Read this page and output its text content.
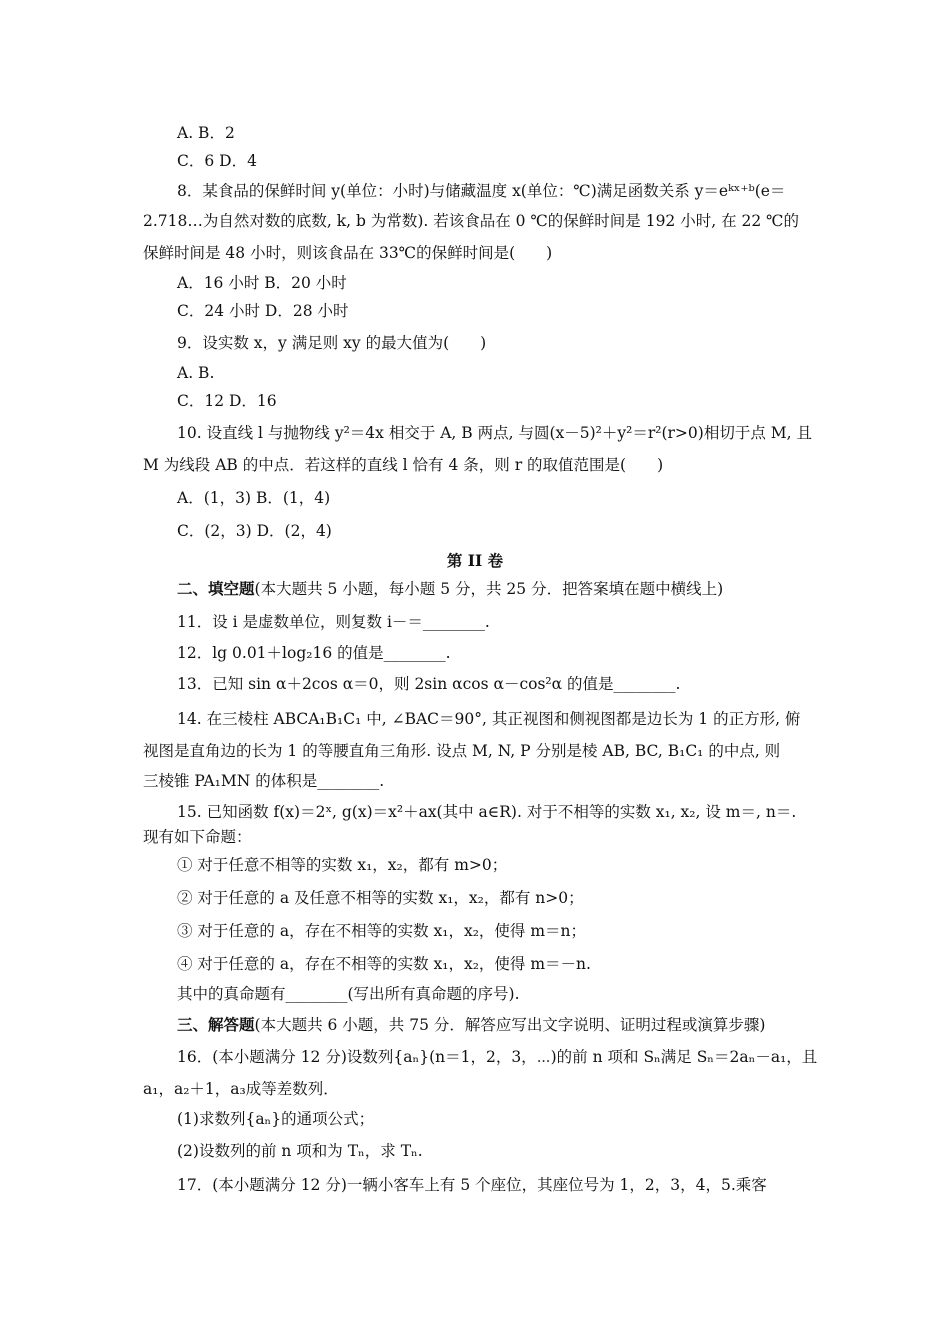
A. B．2
C．6 D．4
8．某食品的保鲜时间 y(单位：小时)与储藏温度 x(单位：℃)满足函数关系 y＝eᵏˣ⁺ᵇ(e＝
2.718…为自然对数的底数, k, b 为常数). 若该食品在 0 ℃的保鲜时间是 192 小时, 在 22 ℃的
保鲜时间是 48 小时，则该食品在 33℃的保鲜时间是(　　)
A．16 小时 B．20 小时
C．24 小时 D．28 小时
9．设实数 x，y 满足则 xy 的最大值为(　　)
A. B.
C．12 D．16
10. 设直线 l 与抛物线 y²＝4x 相交于 A, B 两点, 与圆(x－5)²＋y²＝r²(r>0)相切于点 M, 且
M 为线段 AB 的中点．若这样的直线 l 恰有 4 条，则 r 的取值范围是(　　)
A．(1，3) B．(1，4)
C．(2，3) D．(2，4)
第 II 卷
二、填空题(本大题共 5 小题，每小题 5 分，共 25 分．把答案填在题中横线上)
11．设 i 是虚数单位，则复数 i－＝________.
12．lg 0.01＋log₂16 的值是________.
13．已知 sin α＋2cos α＝0，则 2sin αcos α－cos²α 的值是________.
14. 在三棱柱 ABCA₁B₁C₁ 中, ∠BAC＝90°, 其正视图和侧视图都是边长为 1 的正方形, 俯
视图是直角边的长为 1 的等腰直角三角形. 设点 M, N, P 分别是棱 AB, BC, B₁C₁ 的中点, 则
三棱锥 PA₁MN 的体积是________.
15. 已知函数 f(x)＝2ˣ, g(x)＝x²＋ax(其中 a∈R). 对于不相等的实数 x₁, x₂, 设 m＝, n＝.
现有如下命题：
① 对于任意不相等的实数 x₁，x₂，都有 m>0；
② 对于任意的 a 及任意不相等的实数 x₁，x₂，都有 n>0；
③ 对于任意的 a，存在不相等的实数 x₁，x₂，使得 m＝n；
④ 对于任意的 a，存在不相等的实数 x₁，x₂，使得 m＝－n.
其中的真命题有________(写出所有真命题的序号).
三、解答题(本大题共 6 小题，共 75 分．解答应写出文字说明、证明过程或演算步骤)
16．(本小题满分 12 分)设数列{aₙ}(n＝1，2，3，⋯)的前 n 项和 Sₙ满足 Sₙ＝2aₙ－a₁，且
a₁，a₂＋1，a₃成等差数列．
(1)求数列{aₙ}的通项公式；
(2)设数列的前 n 项和为 Tₙ，求 Tₙ.
17．(本小题满分 12 分)一辆小客车上有 5 个座位，其座位号为 1，2，3，4，5.乘客
